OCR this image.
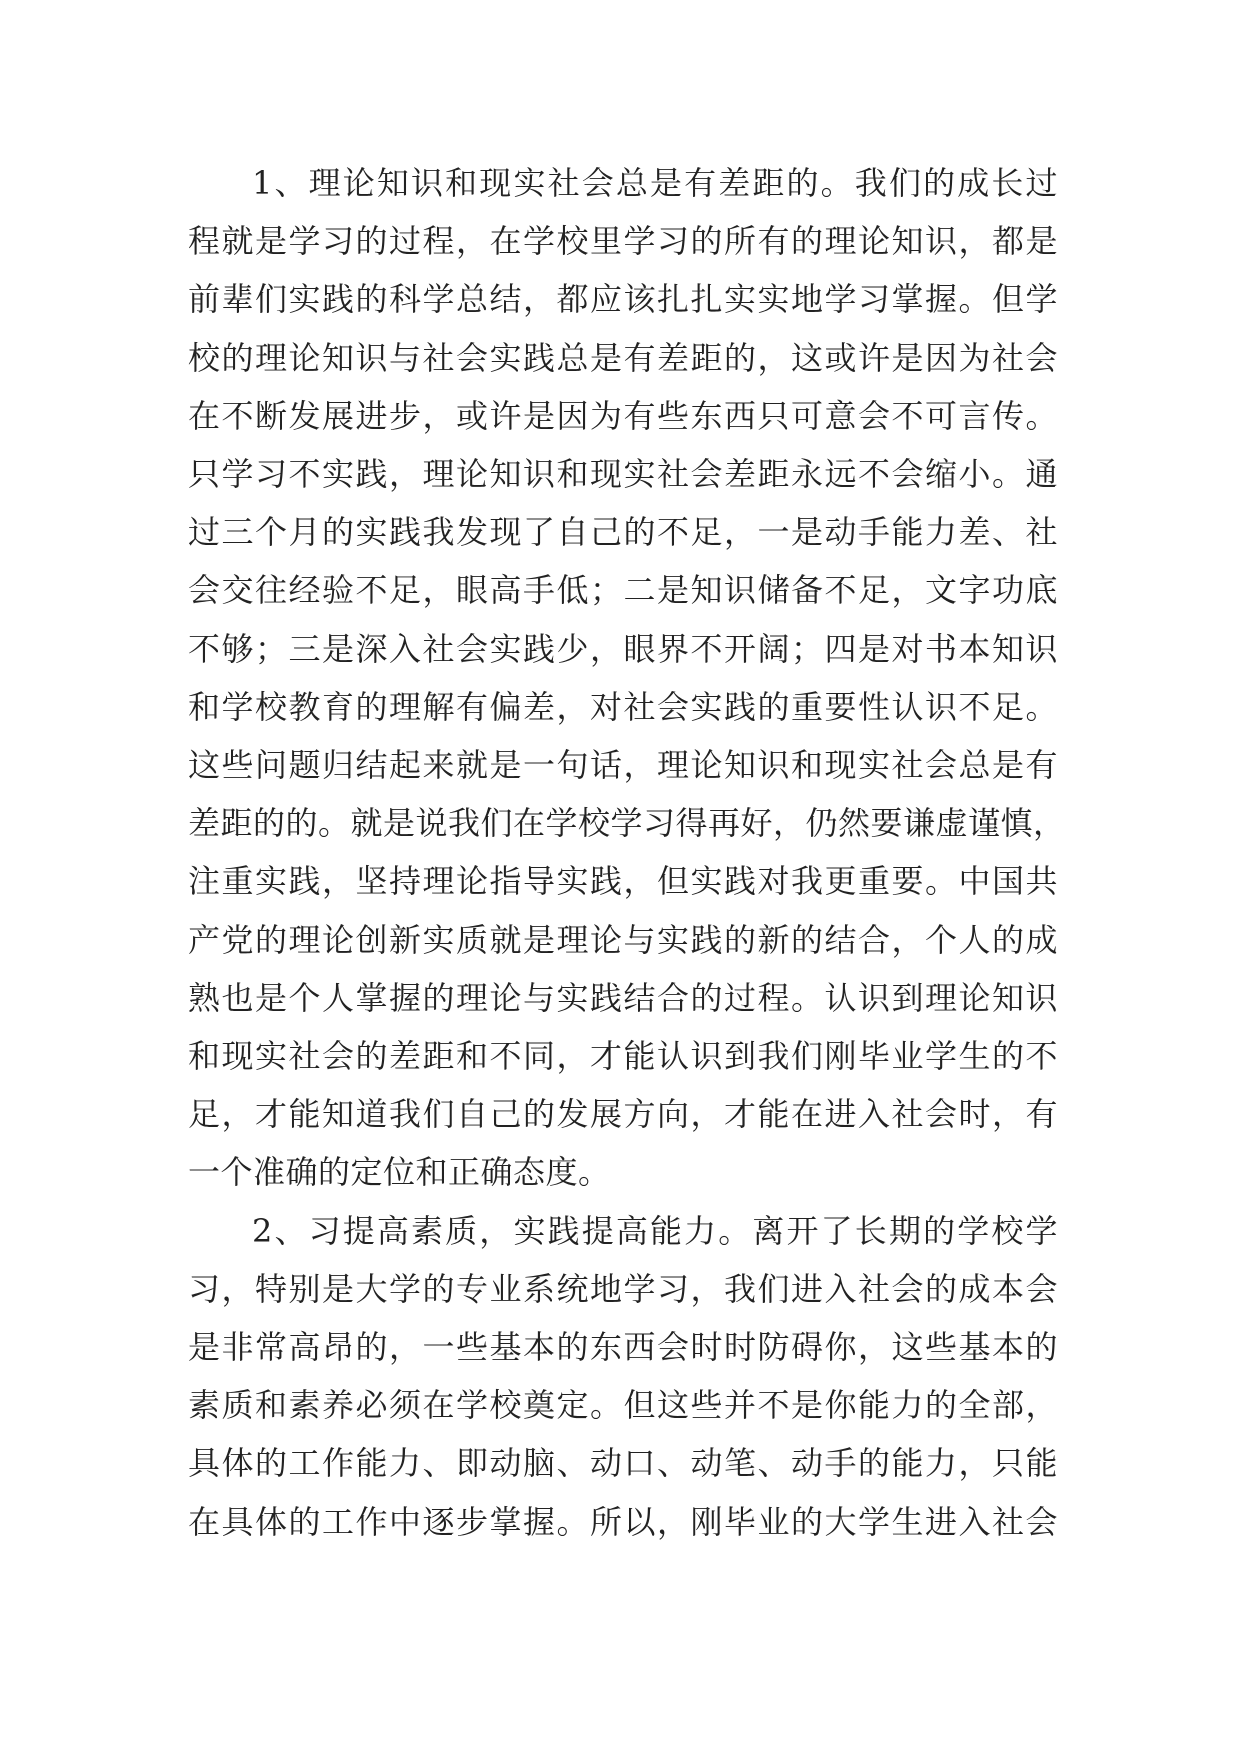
1、理论知识和现实社会总是有差距的。我们的成长过
程就是学习的过程，在学校里学习的所有的理论知识，都是
前辈们实践的科学总结，都应该扎扎实实地学习掌握。但学
校的理论知识与社会实践总是有差距的，这或许是因为社会
在不断发展进步，或许是因为有些东西只可意会不可言传。
只学习不实践，理论知识和现实社会差距永远不会缩小。通
过三个月的实践我发现了自己的不足，一是动手能力差、社
会交往经验不足，眼高手低；二是知识储备不足，文字功底
不够；三是深入社会实践少，眼界不开阔；四是对书本知识
和学校教育的理解有偏差，对社会实践的重要性认识不足。
这些问题归结起来就是一句话，理论知识和现实社会总是有
差距的的。就是说我们在学校学习得再好，仍然要谦虚谨慎，
注重实践，坚持理论指导实践，但实践对我更重要。中国共
产党的理论创新实质就是理论与实践的新的结合，个人的成
熟也是个人掌握的理论与实践结合的过程。认识到理论知识
和现实社会的差距和不同，才能认识到我们刚毕业学生的不
足，才能知道我们自己的发展方向，才能在进入社会时，有
一个准确的定位和正确态度。
2、习提高素质，实践提高能力。离开了长期的学校学
习，特别是大学的专业系统地学习，我们进入社会的成本会
是非常高昂的，一些基本的东西会时时防碍你，这些基本的
素质和素养必须在学校奠定。但这些并不是你能力的全部，
具体的工作能力、即动脑、动口、动笔、动手的能力，只能
在具体的工作中逐步掌握。所以，刚毕业的大学生进入社会
